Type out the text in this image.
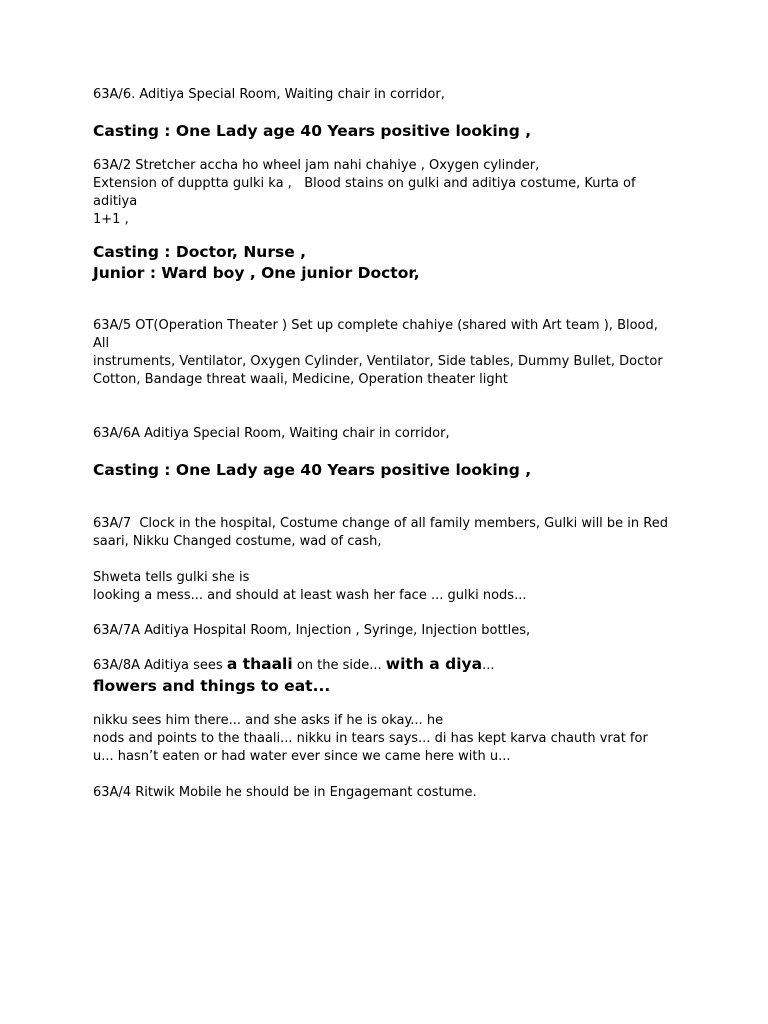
63A/6. Aditiya Special Room, Waiting chair in corridor,

Casting : One Lady age 40 Years positive looking ,

63A/2 Stretcher accha ho wheel jam nahi chahiye , Oxygen cylinder,

Extension of dupptta gulki ka ,   Blood stains on gulki and aditiya costume, Kurta of aditiya

1+1 ,

Casting : Doctor, Nurse ,

Junior : Ward boy , One junior Doctor,

63A/5 OT(Operation Theater ) Set up complete chahiye (shared with Art team ), Blood, All

instruments, Ventilator, Oxygen Cylinder, Ventilator, Side tables, Dummy Bullet, Doctor

Cotton, Bandage threat waali, Medicine, Operation theater light

63A/6A Aditiya Special Room, Waiting chair in corridor,

Casting : One Lady age 40 Years positive looking ,

63A/7  Clock in the hospital, Costume change of all family members, Gulki will be in Red

saari, Nikku Changed costume, wad of cash,

Shweta tells gulki she is

looking a mess... and should at least wash her face ... gulki nods...

63A/7A Aditiya Hospital Room, Injection , Syringe, Injection bottles,

63A/8A Aditiya sees a thaali on the side... with a diya...

flowers and things to eat...

nikku sees him there... and she asks if he is okay... he

nods and points to the thaali... nikku in tears says... di has kept karva chauth vrat for

u... hasn’t eaten or had water ever since we came here with u...

63A/4 Ritwik Mobile he should be in Engagemant costume.
